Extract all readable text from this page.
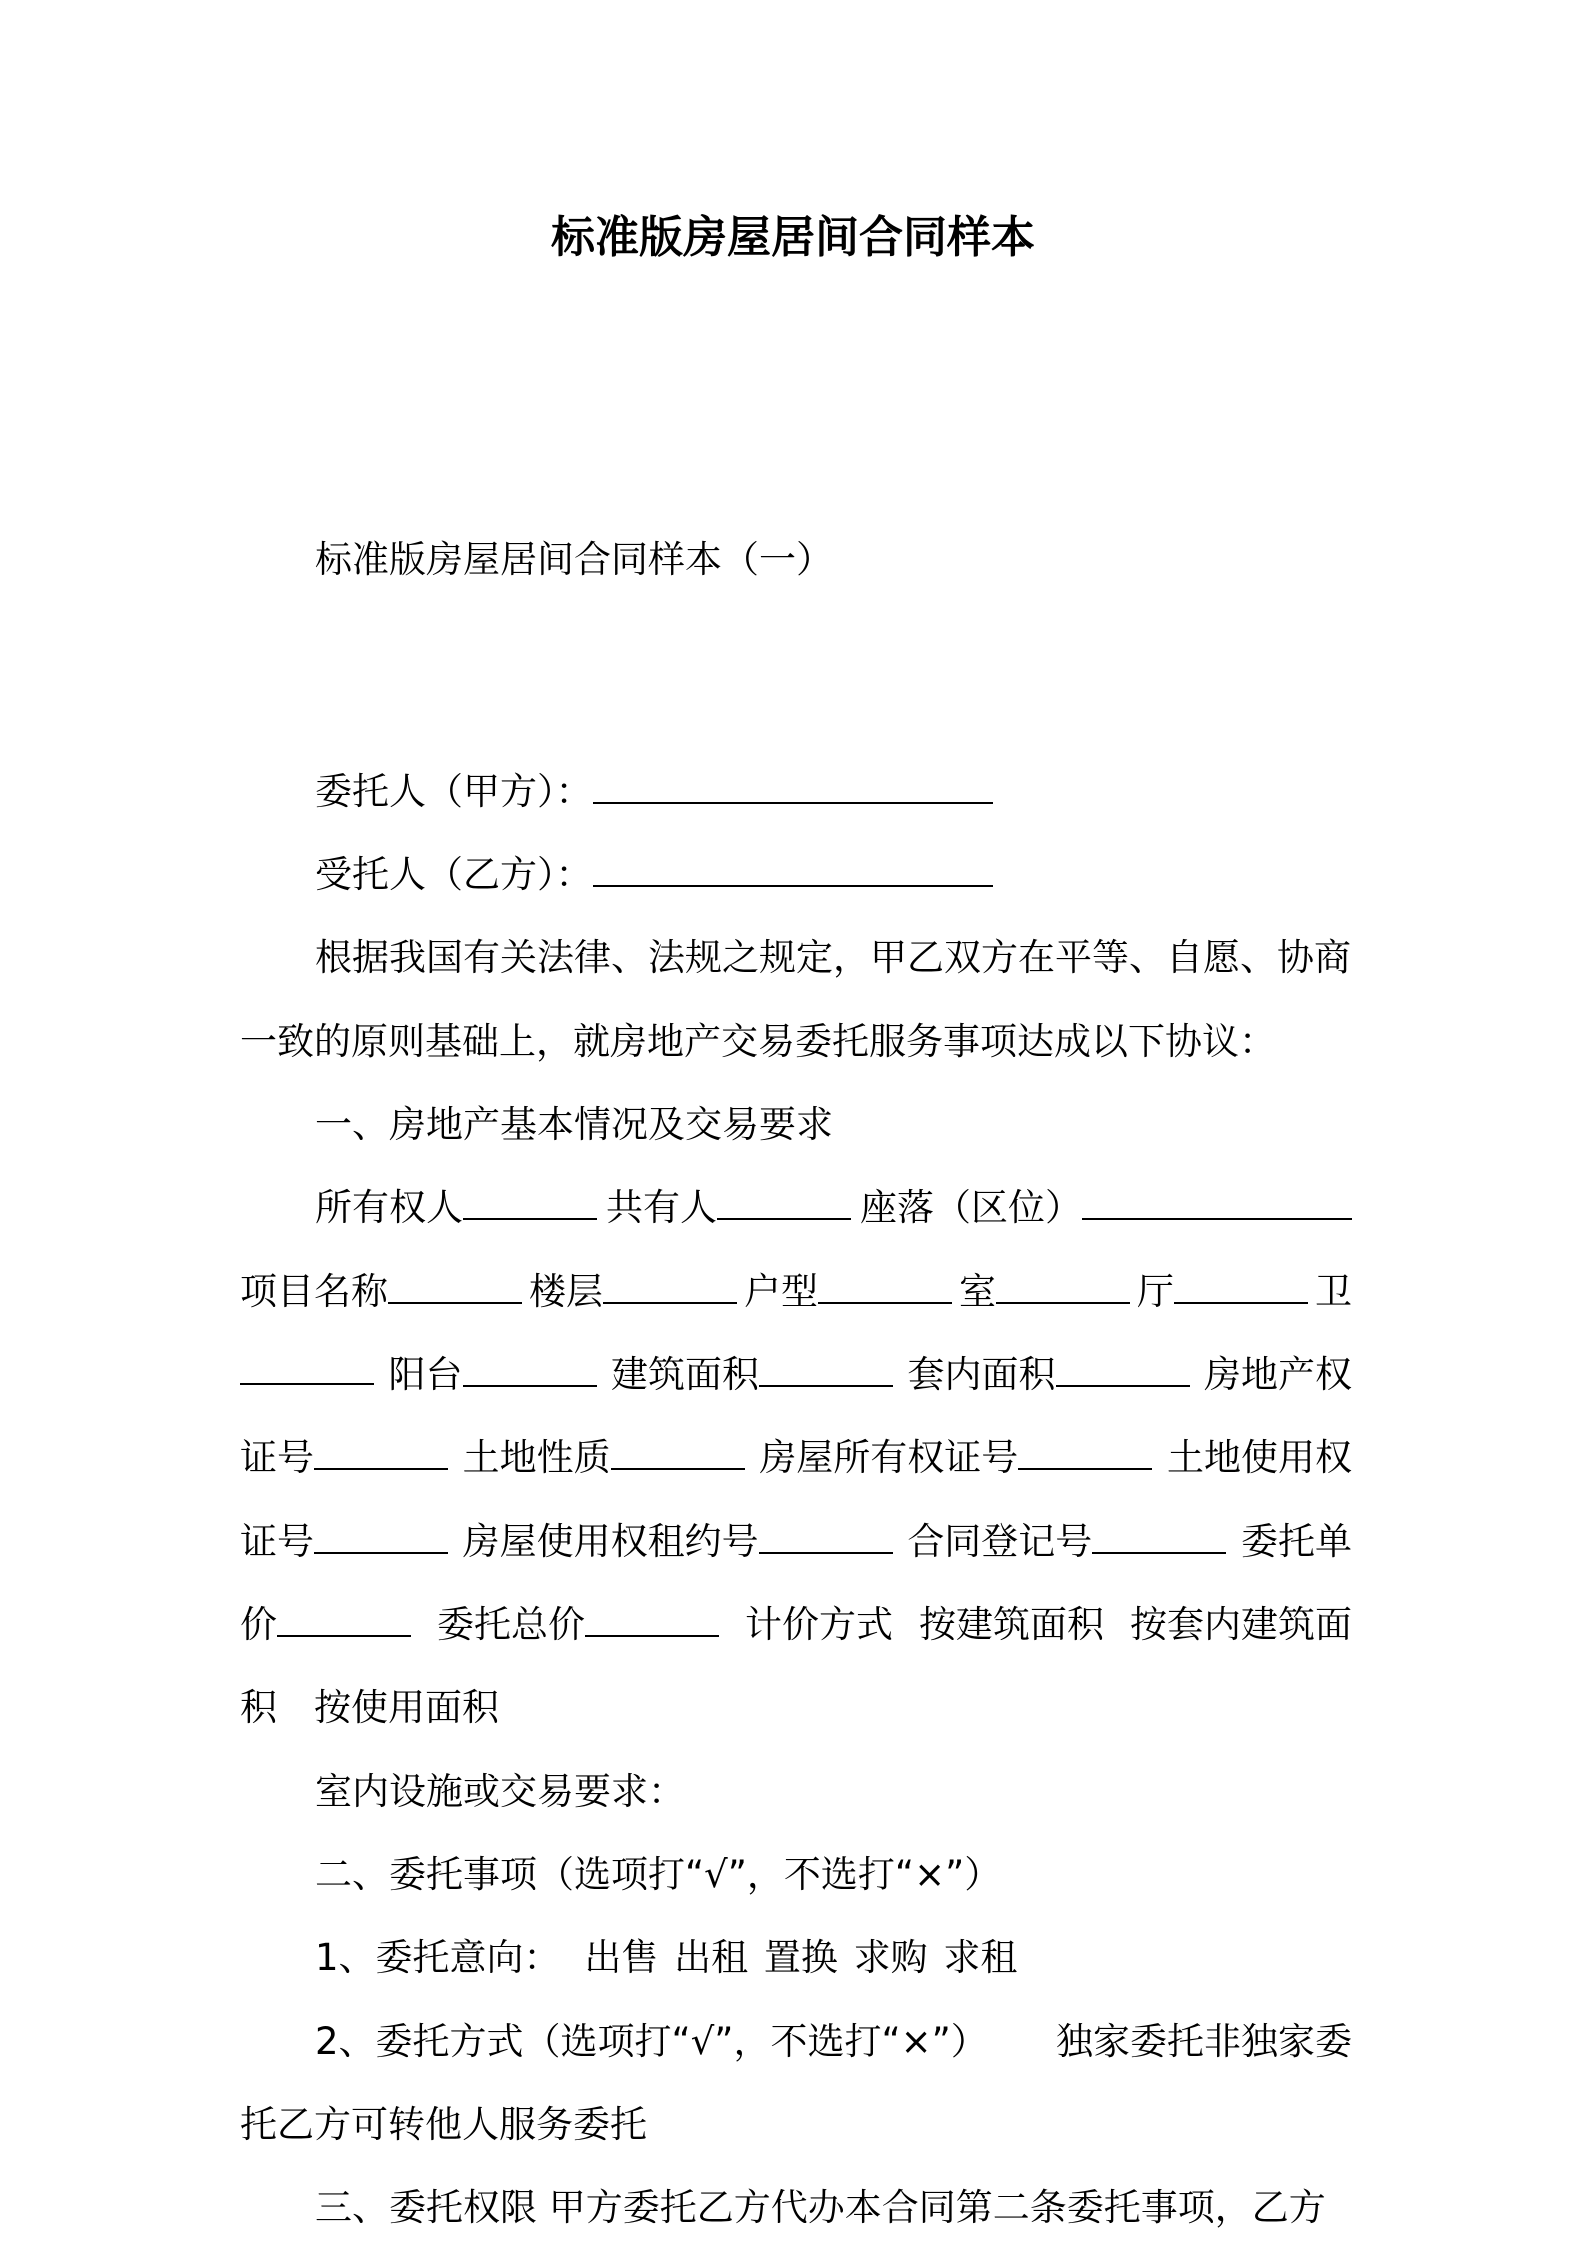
标准版房屋居间合同样本

标准版房屋居间合同样本（一）

委托人（甲方）：

受托人（乙方）：

根据我国有关法律、法规之规定，甲乙双方在平等、自愿、协商

一致的原则基础上，就房地产交易委托服务事项达成以下协议：

一、房地产基本情况及交易要求

所有权人	共有人	座落（区位）
项目名称	楼层	户型	室	厅	卫
阳台	建筑面积	套内面积	房地产权
证号	土地性质	房屋所有权证号	土地使用权
证号	房屋使用权租约号	合同登记号	委托单
价	委托总价	计价方式 按建筑面积 按套内建筑面

积 按使用面积

室内设施或交易要求：

二、委托事项（选项打“√”，不选打“×”）

1、委托意向： 出售 出租 置换 求购 求租

2、委托方式（选项打“√”，不选打“×”） 独家委托非独家委

托乙方可转他人服务委托

三、委托权限 甲方委托乙方代办本合同第二条委托事项，乙方
